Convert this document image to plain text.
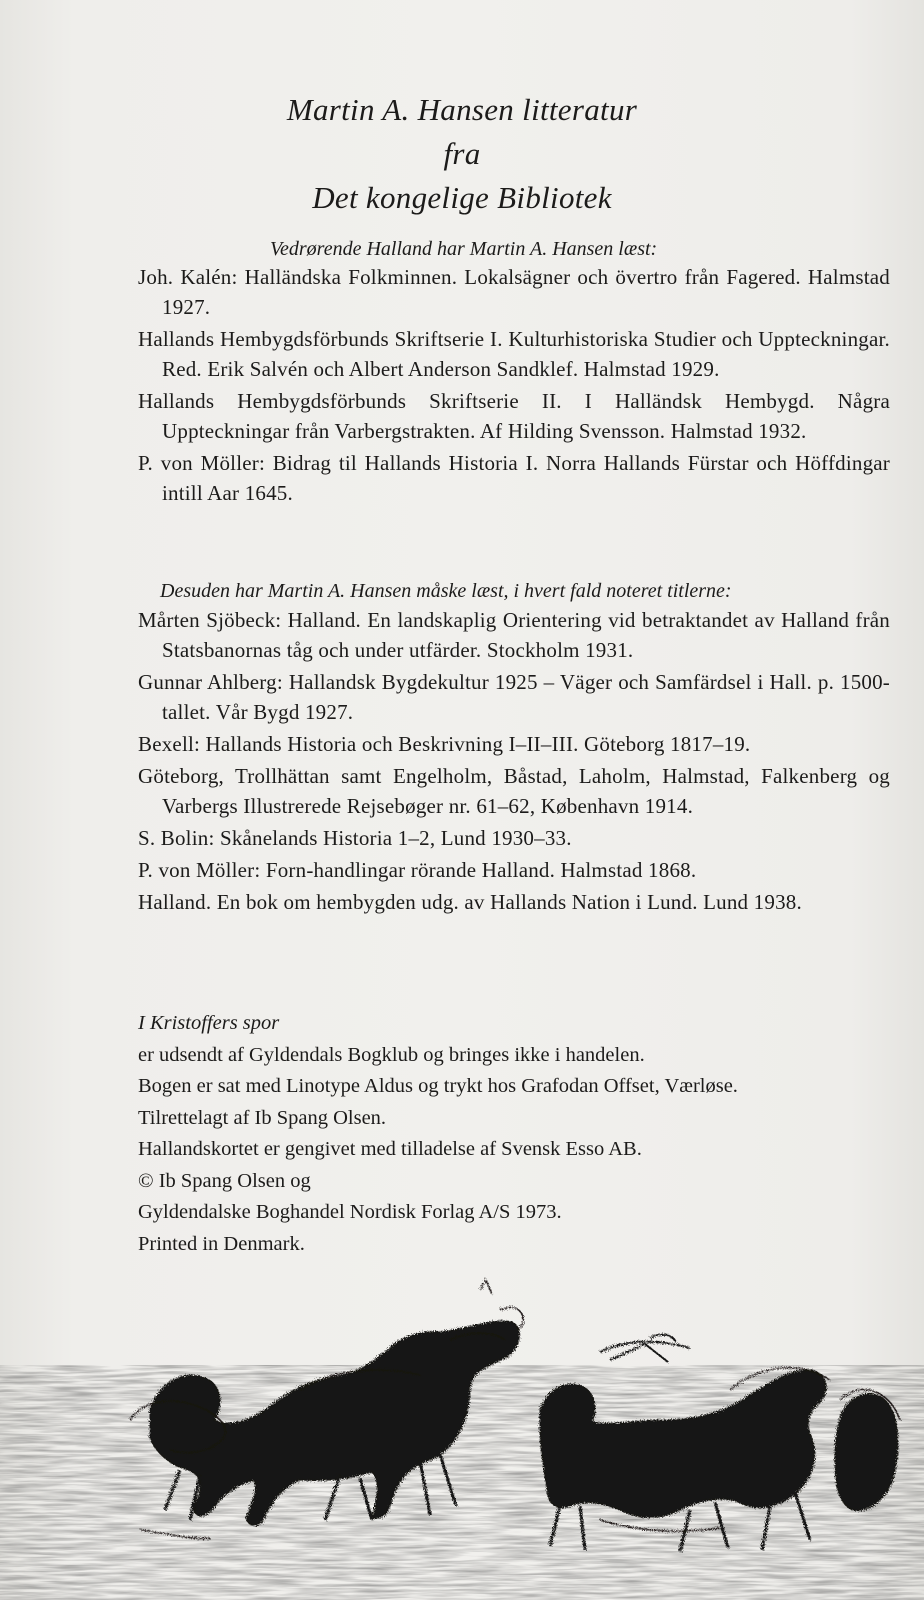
Martin A. Hansen litteratur
fra
Det kongelige Bibliotek
Vedrørende Halland har Martin A. Hansen læst:
Joh. Kalén: Halländska Folkminnen. Lokalsägner och övertro från Fagered. Halmstad 1927.
Hallands Hembygdsförbunds Skriftserie I. Kulturhistoriska Studier och Uppteckningar. Red. Erik Salvén och Albert Anderson Sandklef. Halmstad 1929.
Hallands Hembygdsförbunds Skriftserie II. I Halländsk Hembygd. Några Uppteckningar från Varbergstrakten. Af Hilding Svensson. Halmstad 1932.
P. von Möller: Bidrag til Hallands Historia I. Norra Hallands Fürstar och Höffdingar intill Aar 1645.
Desuden har Martin A. Hansen måske læst, i hvert fald noteret titlerne:
Mårten Sjöbeck: Halland. En landskaplig Orientering vid betraktandet av Halland från Statsbanornas tåg och under utfärder. Stockholm 1931.
Gunnar Ahlberg: Hallandsk Bygdekultur 1925 – Väger och Samfärdsel i Hall. p. 1500-tallet. Vår Bygd 1927.
Bexell: Hallands Historia och Beskrivning I–II–III. Göteborg 1817–19.
Göteborg, Trollhättan samt Engelholm, Båstad, Laholm, Halmstad, Falkenberg og Varbergs Illustrerede Rejsebøger nr. 61–62, København 1914.
S. Bolin: Skånelands Historia 1–2, Lund 1930–33.
P. von Möller: Forn-handlingar rörande Halland. Halmstad 1868.
Halland. En bok om hembygden udg. av Hallands Nation i Lund. Lund 1938.
I Kristoffers spor
er udsendt af Gyldendals Bogklub og bringes ikke i handelen.
Bogen er sat med Linotype Aldus og trykt hos Grafodan Offset, Værløse.
Tilrettelagt af Ib Spang Olsen.
Hallandskortet er gengivet med tilladelse af Svensk Esso AB.
© Ib Spang Olsen og
Gyldendalske Boghandel Nordisk Forlag A/S 1973.
Printed in Denmark.
